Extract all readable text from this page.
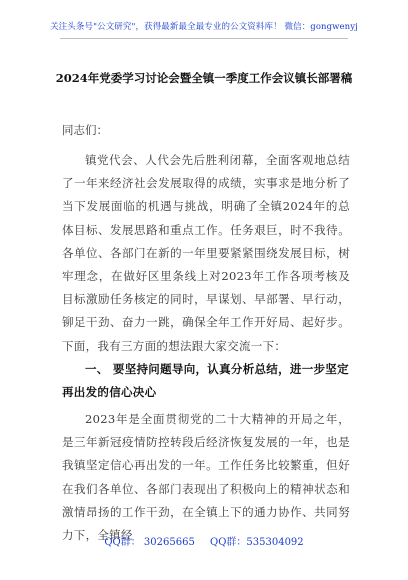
关注头条号"公文研究"，获得最新最全最专业的公文资料库！ 微信：gongwenyj
2024年党委学习讨论会暨全镇一季度工作会议镇长部署稿
同志们：

镇党代会、人代会先后胜利闭幕，全面客观地总结了一年来经济社会发展取得的成绩，实事求是地分析了当下发展面临的机遇与挑战，明确了全镇2024年的总体目标、发展思路和重点工作。任务艰巨，时不我待。各单位、各部门在新的一年里要紧紧围绕发展目标，树牢理念，在做好区里条线上对2023年工作各项考核及目标激励任务核定的同时，早谋划、早部署、早行动，铆足干劲、奋力一跳，确保全年工作开好局、起好步。下面，我有三方面的想法跟大家交流一下：

一、 要坚持问题导向，认真分析总结，进一步坚定再出发的信心决心

2023年是全面贯彻党的二十大精神的开局之年，是三年新冠疫情防控转段后经济恢复发展的一年，也是我镇坚定信心再出发的一年。工作任务比较繁重，但好在我们各单位、各部门表现出了积极向上的精神状态和激情昂扬的工作干劲，在全镇上下的通力协作、共同努力下，全镇经

QQ群： 30265665 QQ群：535304092
